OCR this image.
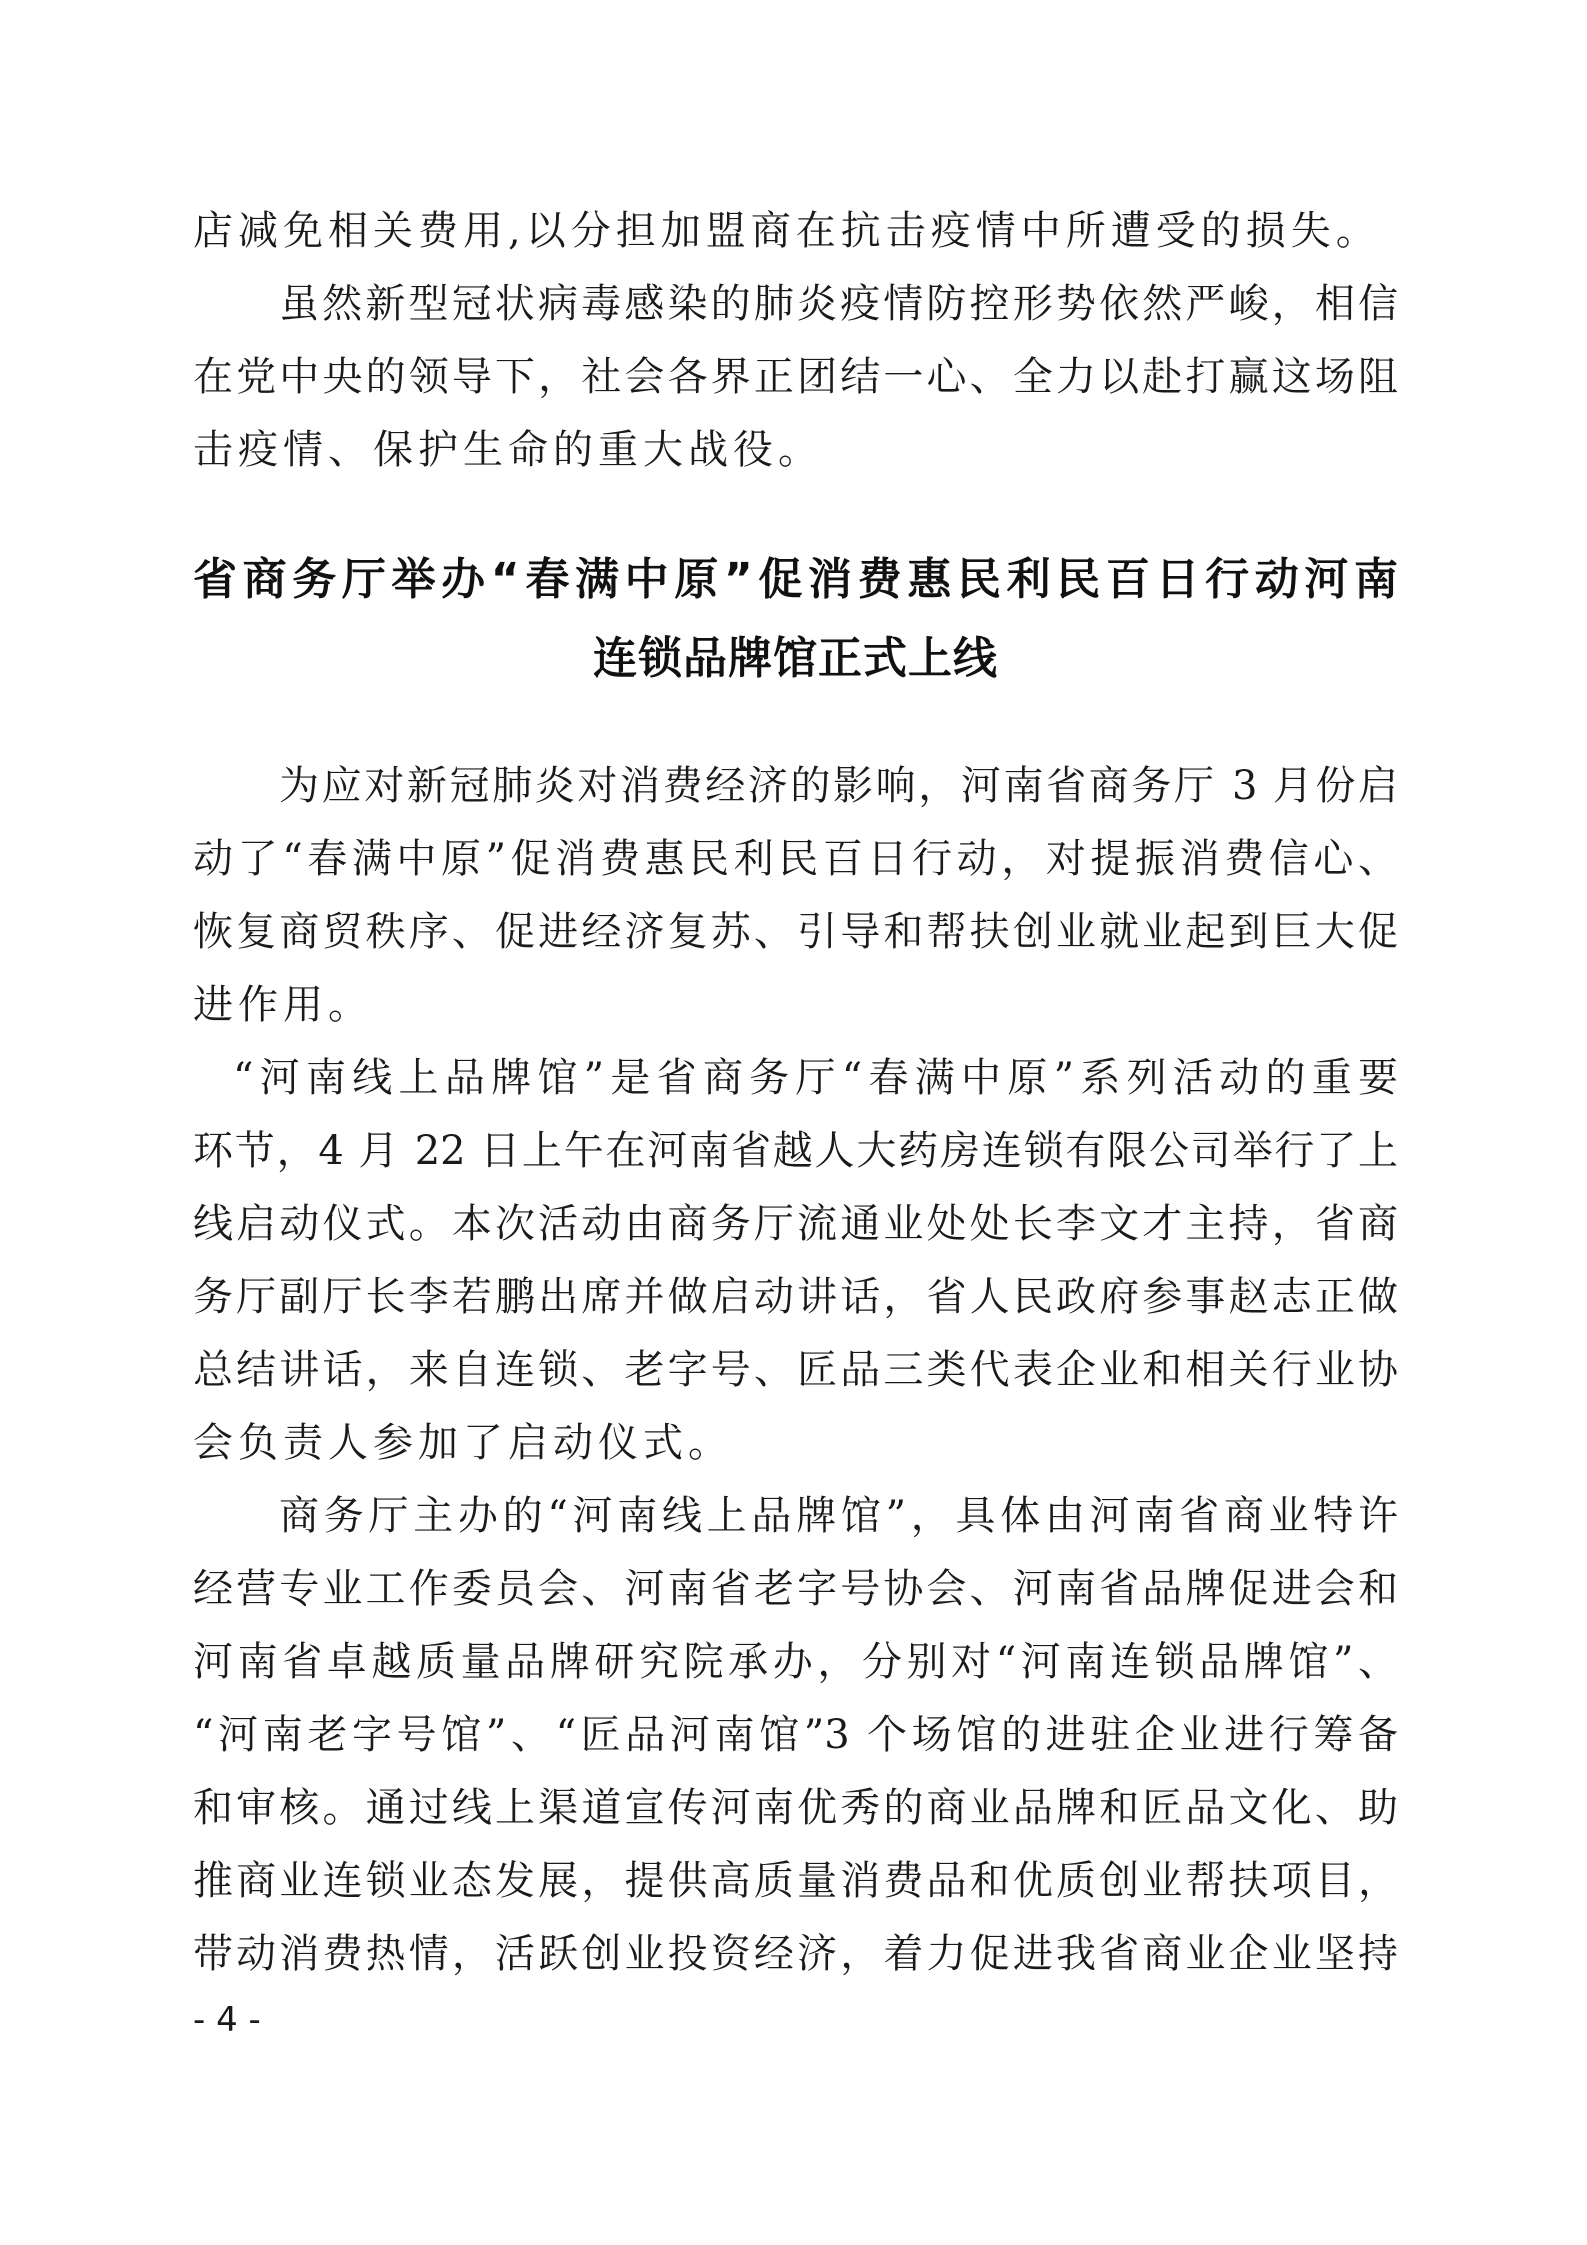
店减免相关费用,以分担加盟商在抗击疫情中所遭受的损失。

虽然新型冠状病毒感染的肺炎疫情防控形势依然严峻，相信

在党中央的领导下，社会各界正团结一心、全力以赴打赢这场阻

击疫情、保护生命的重大战役。

省商务厅举办“春满中原”促消费惠民利民百日行动河南
连锁品牌馆正式上线

为应对新冠肺炎对消费经济的影响，河南省商务厅 3 月份启

动了“春满中原”促消费惠民利民百日行动，对提振消费信心、

恢复商贸秩序、促进经济复苏、引导和帮扶创业就业起到巨大促

进作用。

“河南线上品牌馆”是省商务厅“春满中原”系列活动的重要

环节，4 月 22 日上午在河南省越人大药房连锁有限公司举行了上

线启动仪式。本次活动由商务厅流通业处处长李文才主持，省商

务厅副厅长李若鹏出席并做启动讲话，省人民政府参事赵志正做

总结讲话，来自连锁、老字号、匠品三类代表企业和相关行业协

会负责人参加了启动仪式。

商务厅主办的“河南线上品牌馆”，具体由河南省商业特许

经营专业工作委员会、河南省老字号协会、河南省品牌促进会和

河南省卓越质量品牌研究院承办，分别对“河南连锁品牌馆”、

“河南老字号馆”、“匠品河南馆”3 个场馆的进驻企业进行筹备

和审核。通过线上渠道宣传河南优秀的商业品牌和匠品文化、助

推商业连锁业态发展，提供高质量消费品和优质创业帮扶项目，

带动消费热情，活跃创业投资经济，着力促进我省商业企业坚持

- 4 -
